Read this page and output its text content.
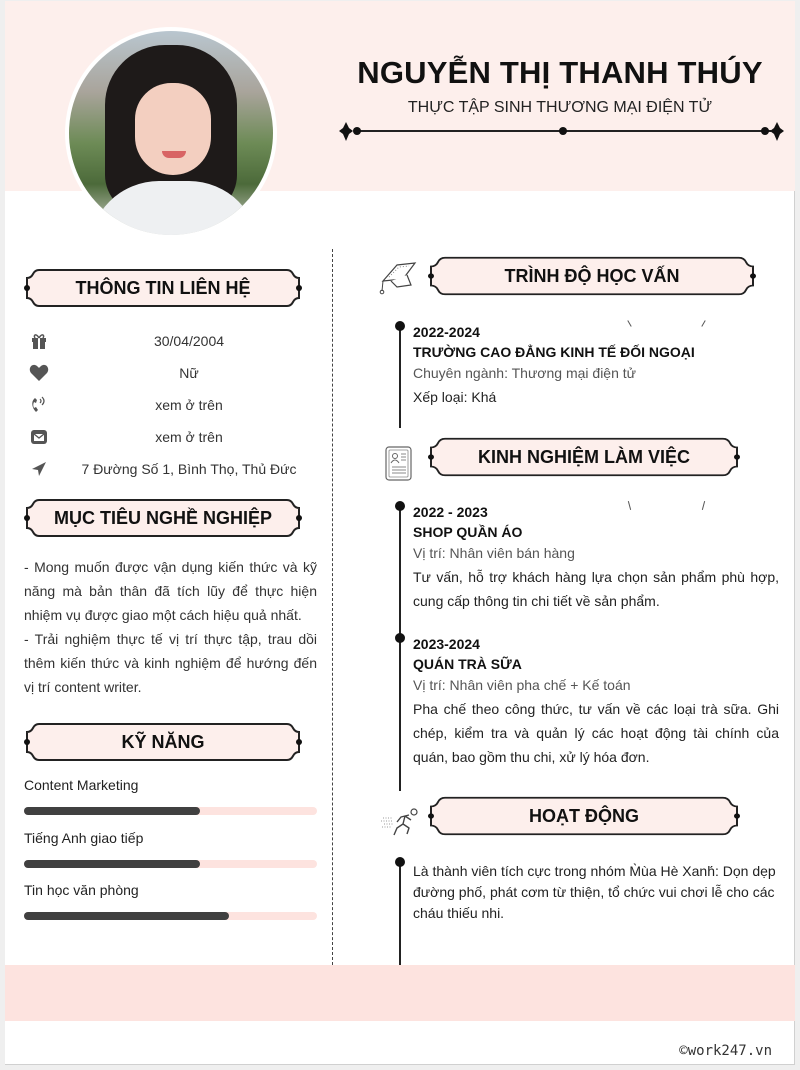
NGUYỄN THỊ THANH THÚY
THỰC TẬP SINH THƯƠNG MẠI ĐIỆN TỬ
THÔNG TIN LIÊN HỆ
30/04/2004
Nữ
xem ở trên
xem ở trên
7 Đường Số 1, Bình Thọ, Thủ Đức
MỤC TIÊU NGHỀ NGHIỆP

- Mong muốn được vận dụng kiến thức và kỹ năng mà bản thân đã tích lũy để thực hiện nhiệm vụ được giao một cách hiệu quả nhất.

- Trải nghiệm thực tế vị trí thực tập, trau dồi thêm kiến thức và kinh nghiệm để hướng đến vị trí content writer.

KỸ NĂNG
Content Marketing
Tiếng Anh giao tiếp
Tin học văn phòng
TRÌNH ĐỘ HỌC VẤN
2022-2024
TRƯỜNG CAO ĐẲNG KINH TẾ ĐỐI NGOẠI
Chuyên ngành: Thương mại điện tử
Xếp loại: Khá
KINH NGHIỆM LÀM VIỆC
2022 - 2023
SHOP QUẦN ÁO
Vị trí: Nhân viên bán hàng
Tư vấn, hỗ trợ khách hàng lựa chọn sản phẩm phù hợp, cung cấp thông tin chi tiết về sản phẩm.
2023-2024
QUÁN TRÀ SỮA
Vị trí: Nhân viên pha chế + Kế toán
Pha chế theo công thức, tư vấn về các loại trà sữa. Ghi chép, kiểm tra và quản lý các hoạt động tài chính của quán, bao gồm thu chi, xử lý hóa đơn.
HOẠT ĐỘNG
Là thành viên tích cực trong nhóm M̀ùa Hè Xanh́: Dọn dẹp đường phố, phát cơm từ thiện, tổ chức vui chơi lễ cho các cháu thiếu nhi.
©work247.vn
